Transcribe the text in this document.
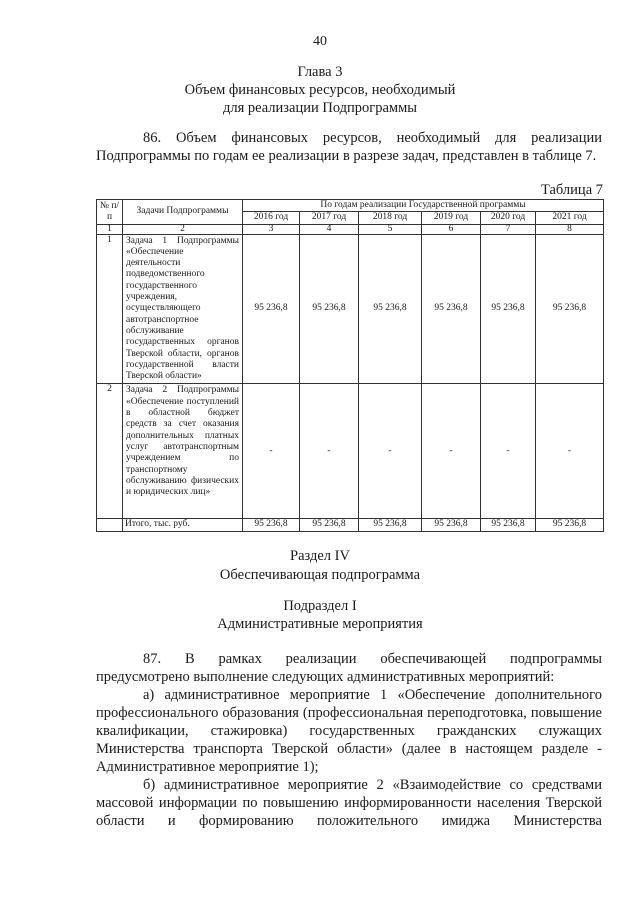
40
Глава 3
Объем финансовых ресурсов, необходимый
для реализации Подпрограммы

86. Объем финансовых ресурсов, необходимый для реализации Подпрограммы по годам ее реализации в разрезе задач, представлен в таблице 7.

Таблица 7
№ п/п	Задачи Подпрограммы	По годам реализации Государственной программы					
		2016 год	2017 год	2018 год	2019 год	2020 год	2021 год
1	2	3	4	5	6	7	8
1	Задача 1 Подпрограммы «Обеспечение деятельности подведомственного государственного учреждения, осуществляющего автотранспортное обслуживание государственных органов Тверской области, органов государственной власти Тверской области»	95 236,8	95 236,8	95 236,8	95 236,8	95 236,8	95 236,8
2	Задача 2 Подпрограммы «Обеспечение поступлений в областной бюджет средств за счет оказания дополнительных платных услуг автотранспортным учреждением по транспортному обслуживанию физических и юридических лиц»	-	-	-	-	-	-
	Итого, тыс. руб.	95 236,8	95 236,8	95 236,8	95 236,8	95 236,8	95 236,8
Раздел IV
Обеспечивающая подпрограмма
Подраздел I
Административные мероприятия

87. В рамках реализации обеспечивающей подпрограммы

предусмотрено выполнение следующих административных мероприятий:

а) административное мероприятие 1 «Обеспечение дополнительного профессионального образования (профессиональная переподготовка, повышение квалификации, стажировка) государственных гражданских служащих Министерства транспорта Тверской области» (далее в настоящем разделе - Административное мероприятие 1);

б) административное мероприятие 2 «Взаимодействие со средствами массовой информации по повышению информированности населения Тверской области и формированию положительного имиджа Министерства
